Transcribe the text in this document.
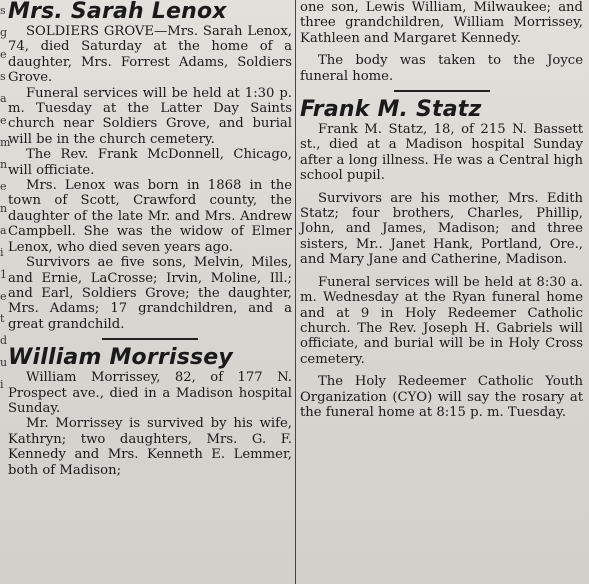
s
g
e
s
a
e
m
n
e
n
a
i
1
e
t
d
u
i
Mrs. Sarah Lenox

SOLDIERS GROVE—Mrs. Sarah Lenox, 74, died Saturday at the home of a daughter, Mrs. Forrest Adams, Soldiers Grove.

Funeral services will be held at 1:30 p. m. Tuesday at the Latter Day Saints church near Soldiers Grove, and burial will be in the church cemetery.

The Rev. Frank McDonnell, Chicago, will officiate.

Mrs. Lenox was born in 1868 in the town of Scott, Crawford county, the daughter of the late Mr. and Mrs. Andrew Campbell. She was the widow of Elmer Lenox, who died seven years ago.

Survivors ae five sons, Melvin, Miles, and Ernie, LaCrosse; Irvin, Moline, Ill.; and Earl, Soldiers Grove; the daughter, Mrs. Adams; 17 grandchildren, and a great grandchild.

William Morrissey

William Morrissey, 82, of 177 N. Prospect ave., died in a Madison hospital Sunday.

Mr. Morrissey is survived by his wife, Kathryn; two daughters, Mrs. G. F. Kennedy and Mrs. Kenneth E. Lemmer, both of Madison;

one son, Lewis William, Milwaukee; and three grandchildren, William Morrissey, Kathleen and Margaret Kennedy.

The body was taken to the Joyce funeral home.

Frank M. Statz

Frank M. Statz, 18, of 215 N. Bassett st., died at a Madison hospital Sunday after a long illness. He was a Central high school pupil.

Survivors are his mother, Mrs. Edith Statz; four brothers, Charles, Phillip, John, and James, Madison; and three sisters, Mr.. Janet Hank, Portland, Ore., and Mary Jane and Catherine, Madison.

Funeral services will be held at 8:30 a. m. Wednesday at the Ryan funeral home and at 9 in Holy Redeemer Catholic church. The Rev. Joseph H. Gabriels will officiate, and burial will be in Holy Cross cemetery.

The Holy Redeemer Catholic Youth Organization (CYO) will say the rosary at the funeral home at 8:15 p. m. Tuesday.
